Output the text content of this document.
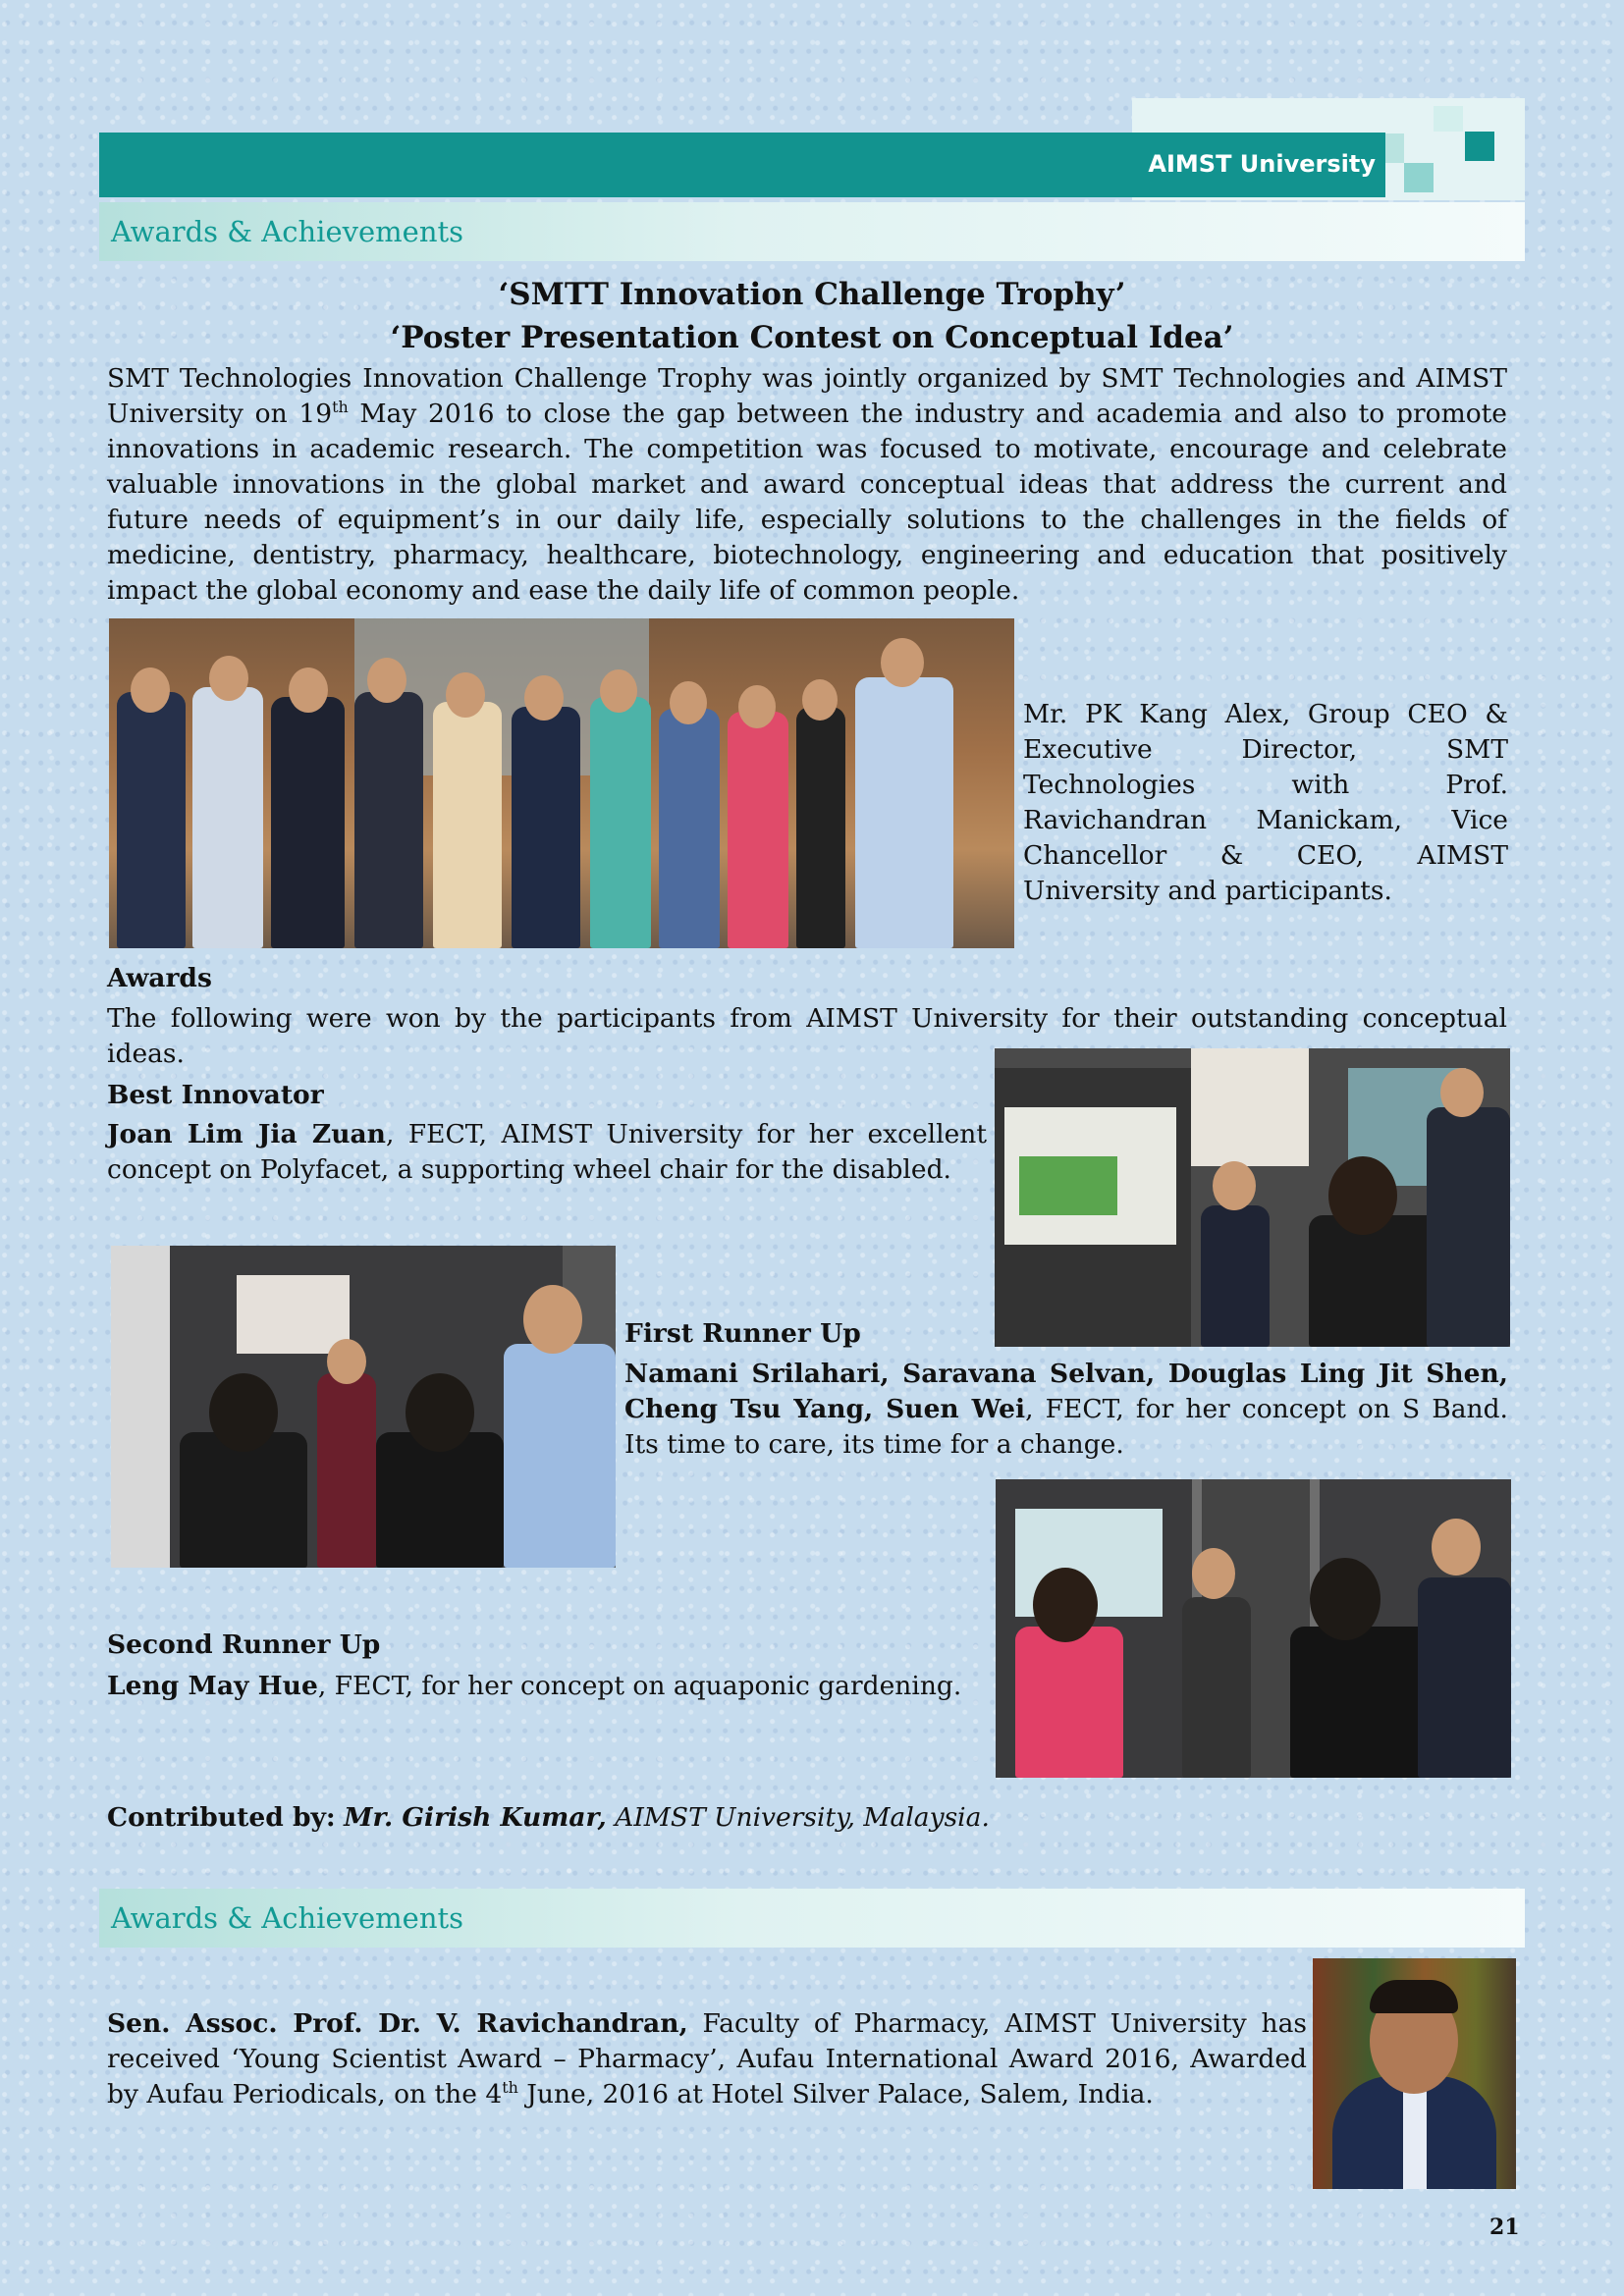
AIMST University
Awards & Achievements
‘SMTT Innovation Challenge Trophy’
‘Poster Presentation Contest on Conceptual Idea’
SMT Technologies Innovation Challenge Trophy was jointly organized by SMT Technologies and AIMST University on 19th May 2016 to close the gap between the industry and academia and also to promote innovations in academic research. The competition was focused to motivate, encourage and celebrate valuable innovations in the global market and award conceptual ideas that address the current and future needs of equipment’s in our daily life, especially solutions to the challenges in the fields of medicine, dentistry, pharmacy, healthcare, biotechnology, engineering and education that positively impact the global economy and ease the daily life of common people.
Mr. PK Kang Alex, Group CEO & Executive Director, SMT Technologies with Prof. Ravichandran Manickam, Vice Chancellor & CEO, AIMST University and participants.
Awards
The following were won by the participants from AIMST University for their outstanding conceptual ideas.
Best Innovator
Joan Lim Jia Zuan, FECT, AIMST University for her excellent concept on Polyfacet, a supporting wheel chair for the disabled.
First Runner Up
Namani Srilahari, Saravana Selvan, Douglas Ling Jit Shen, Cheng Tsu Yang, Suen Wei, FECT, for her concept on S Band. Its time to care, its time for a change.
Second Runner Up
Leng May Hue, FECT, for her concept on aquaponic gardening.
Contributed by: Mr. Girish Kumar, AIMST University, Malaysia.
Awards & Achievements
Sen. Assoc. Prof. Dr. V. Ravichandran, Faculty of Pharmacy, AIMST University has received ‘Young Scientist Award – Pharmacy’, Aufau International Award 2016, Awarded by Aufau Periodicals, on the 4th June, 2016 at Hotel Silver Palace, Salem, India.
21
